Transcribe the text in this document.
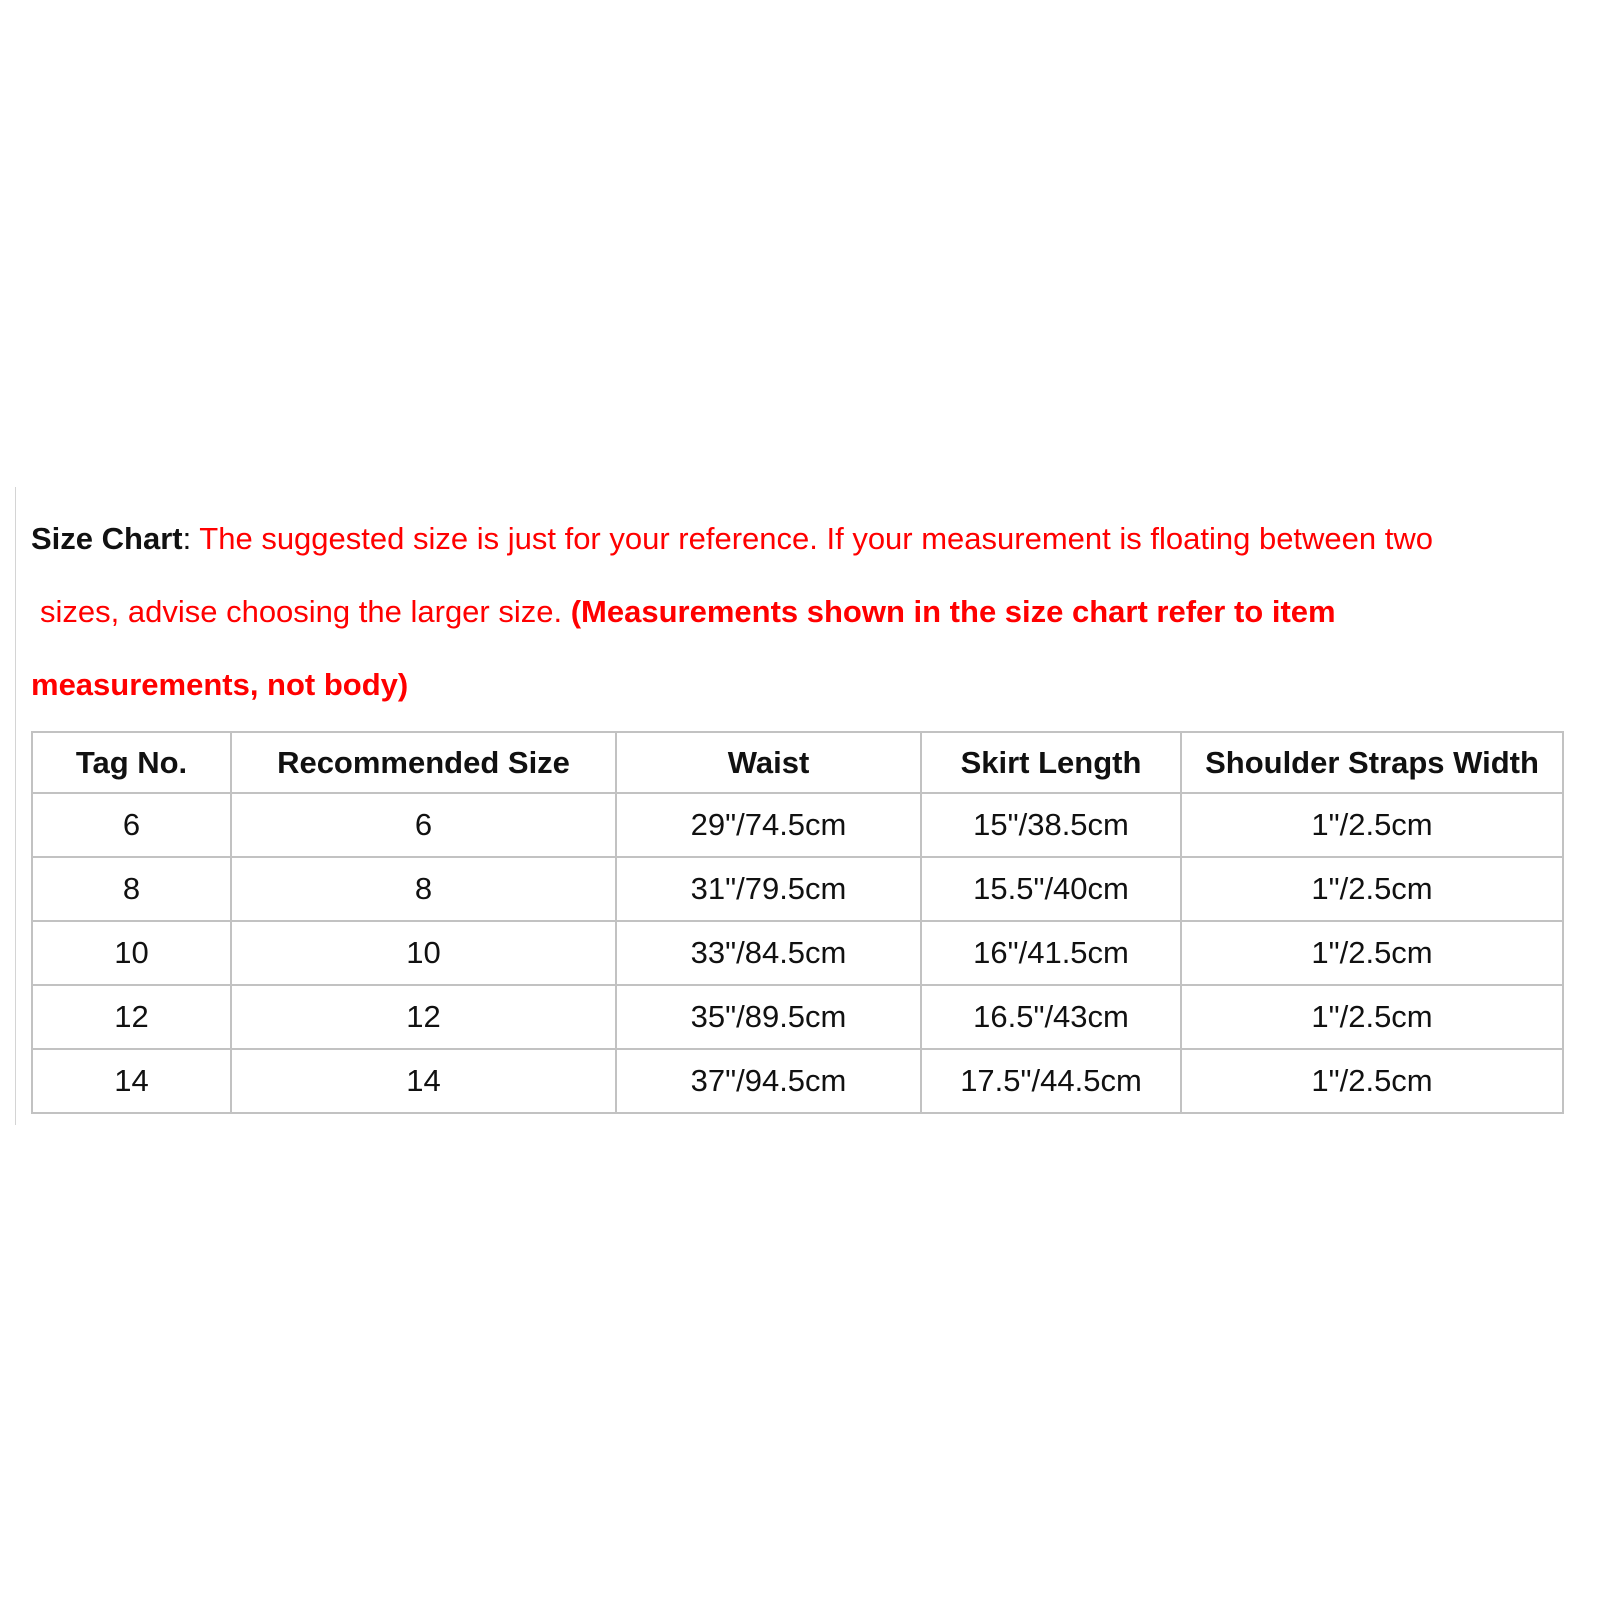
Size Chart: The suggested size is just for your reference. If your measurement is floating between two
sizes, advise choosing the larger size. (Measurements shown in the size chart refer to item
measurements, not body)
Tag No.	Recommended Size	Waist	Skirt Length	Shoulder Straps Width
6	6	29"/74.5cm	15"/38.5cm	1"/2.5cm
8	8	31"/79.5cm	15.5"/40cm	1"/2.5cm
10	10	33"/84.5cm	16"/41.5cm	1"/2.5cm
12	12	35"/89.5cm	16.5"/43cm	1"/2.5cm
14	14	37"/94.5cm	17.5"/44.5cm	1"/2.5cm
